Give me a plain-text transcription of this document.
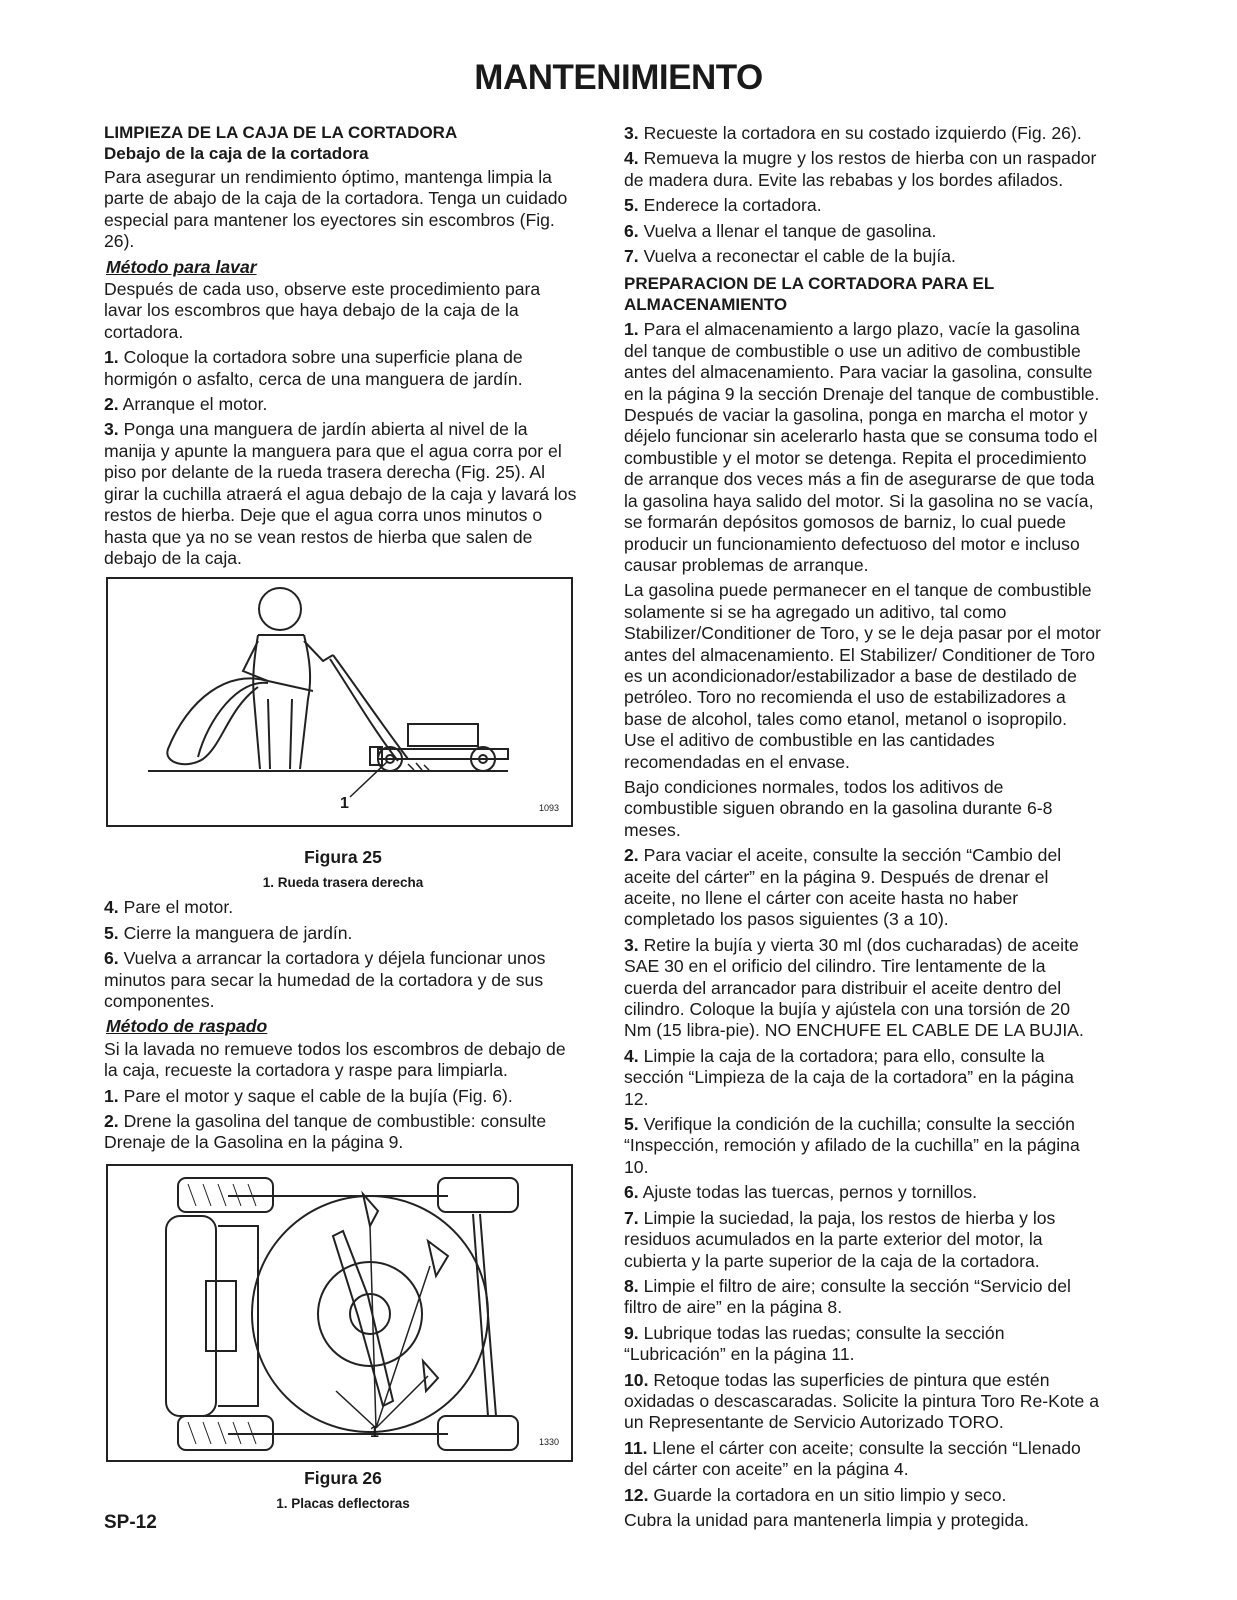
MANTENIMIENTO
LIMPIEZA DE LA CAJA DE LA CORTADORA
Debajo de la caja de la cortadora

Para asegurar un rendimiento óptimo, mantenga limpia la parte de abajo de la caja de la cortadora. Tenga un cuidado especial para mantener los eyectores sin escombros (Fig. 26).

Método para lavar

Después de cada uso, observe este procedimiento para lavar los escombros que haya debajo de la caja de la cortadora.

1. Coloque la cortadora sobre una superficie plana de hormigón o asfalto, cerca de una manguera de jardín.

2. Arranque el motor.

3. Ponga una manguera de jardín abierta al nivel de la manija y apunte la manguera para que el agua corra por el piso por delante de la rueda trasera derecha (Fig. 25). Al girar la cuchilla atraerá el agua debajo de la caja y lavará los restos de hierba. Deje que el agua corra unos minutos o hasta que ya no se vean restos de hierba que salen de debajo de la caja.

1	1093
Figura 25
1. Rueda trasera derecha

4. Pare el motor.

5. Cierre la manguera de jardín.

6. Vuelva a arrancar la cortadora y déjela funcionar unos minutos para secar la humedad de la cortadora y de sus componentes.

Método de raspado

Si la lavada no remueve todos los escombros de debajo de la caja, recueste la cortadora y raspe para limpiarla.

1. Pare el motor y saque el cable de la bujía (Fig. 6).

2. Drene la gasolina del tanque de combustible: consulte Drenaje de la Gasolina en la página 9.

1
1330
Figura 26
1. Placas deflectoras

3. Recueste la cortadora en su costado izquierdo (Fig. 26).

4. Remueva la mugre y los restos de hierba con un raspador de madera dura. Evite las rebabas y los bordes afilados.

5. Enderece la cortadora.

6. Vuelva a llenar el tanque de gasolina.

7. Vuelva a reconectar el cable de la bujía.

PREPARACION DE LA CORTADORA PARA EL ALMACENAMIENTO

1. Para el almacenamiento a largo plazo, vacíe la gasolina del tanque de combustible o use un aditivo de combustible antes del almacenamiento. Para vaciar la gasolina, consulte en la página 9 la sección Drenaje del tanque de combustible. Después de vaciar la gasolina, ponga en marcha el motor y déjelo funcionar sin acelerarlo hasta que se consuma todo el combustible y el motor se detenga. Repita el procedimiento de arranque dos veces más a fin de asegurarse de que toda la gasolina haya salido del motor. Si la gasolina no se vacía, se formarán depósitos gomosos de barniz, lo cual puede producir un funcionamiento defectuoso del motor e incluso causar problemas de arranque.

La gasolina puede permanecer en el tanque de combustible solamente si se ha agregado un aditivo, tal como Stabilizer/Conditioner de Toro, y se le deja pasar por el motor antes del almacenamiento. El Stabilizer/ Conditioner de Toro es un acondicionador/estabilizador a base de destilado de petróleo. Toro no recomienda el uso de estabilizadores a base de alcohol, tales como etanol, metanol o isopropilo. Use el aditivo de combustible en las cantidades recomendadas en el envase.

Bajo condiciones normales, todos los aditivos de combustible siguen obrando en la gasolina durante 6-8 meses.

2. Para vaciar el aceite, consulte la sección “Cambio del aceite del cárter” en la página 9. Después de drenar el aceite, no llene el cárter con aceite hasta no haber completado los pasos siguientes (3 a 10).

3. Retire la bujía y vierta 30 ml (dos cucharadas) de aceite SAE 30 en el orificio del cilindro. Tire lentamente de la cuerda del arrancador para distribuir el aceite dentro del cilindro. Coloque la bujía y ajústela con una torsión de 20 Nm (15 libra-pie). NO ENCHUFE EL CABLE DE LA BUJIA.

4. Limpie la caja de la cortadora; para ello, consulte la sección “Limpieza de la caja de la cortadora” en la página 12.

5. Verifique la condición de la cuchilla; consulte la sección “Inspección, remoción y afilado de la cuchilla” en la página 10.

6. Ajuste todas las tuercas, pernos y tornillos.

7. Limpie la suciedad, la paja, los restos de hierba y los residuos acumulados en la parte exterior del motor, la cubierta y la parte superior de la caja de la cortadora.

8. Limpie el filtro de aire; consulte la sección “Servicio del filtro de aire” en la página 8.

9. Lubrique todas las ruedas; consulte la sección “Lubricación” en la página 11.

10. Retoque todas las superficies de pintura que estén oxidadas o descascaradas. Solicite la pintura Toro Re-Kote a un Representante de Servicio Autorizado TORO.

11. Llene el cárter con aceite; consulte la sección “Llenado del cárter con aceite” en la página 4.

12. Guarde la cortadora en un sitio limpio y seco.

Cubra la unidad para mantenerla limpia y protegida.

SP-12
